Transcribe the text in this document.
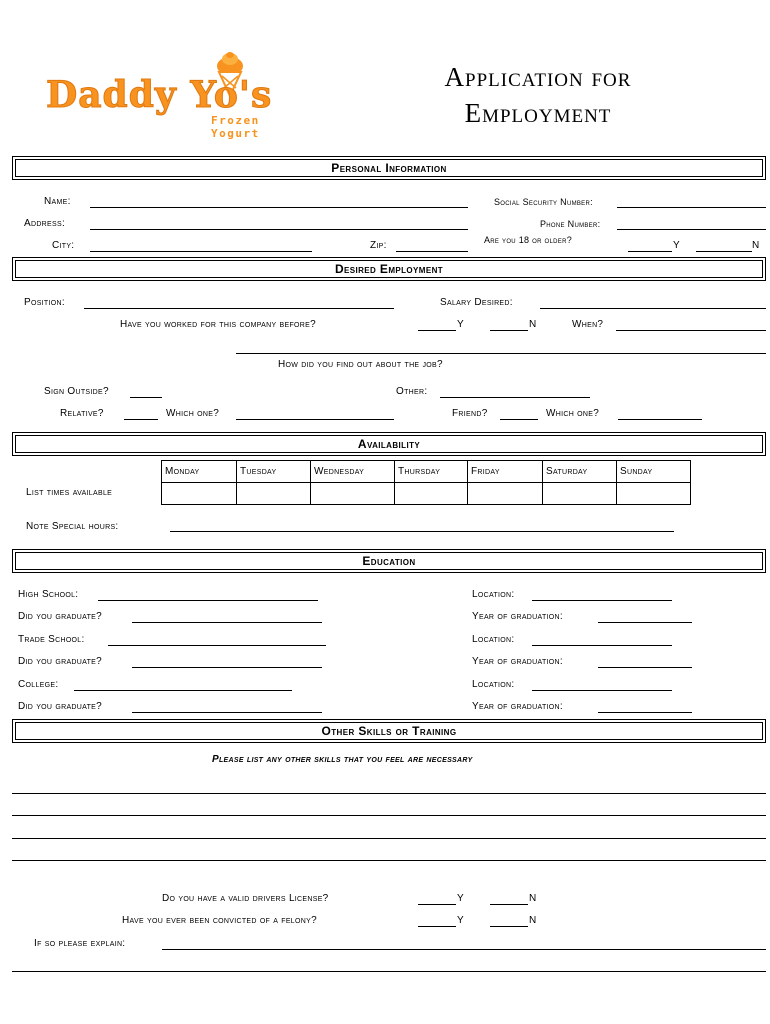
Daddy Yo's
Frozen Yogurt
Application for
Employment
Personal Information
Name:	Social Security Number:
Address:	Phone Number:
City:	Zip:	Are you 18 or older?	Y	N
Desired Employment
Position:	Salary Desired:
Have you worked for this company before?	Y	N	When?
How did you find out about the job?
Sign Outside?	Other:
Relative?	Which one?	Friend?	Which one?
Availability
Monday	Tuesday	Wednesday	Thursday	Friday	Saturday	Sunday

List times available
Note Special hours:
Education
High School:	Location:
Did you graduate?	Year of graduation:
Trade School:	Location:
Did you graduate?	Year of graduation:
College:	Location:
Did you graduate?	Year of graduation:
Other Skills or Training
Please list any other skills that you feel are necessary
Do you have a valid drivers License?	Y	N
Have you ever been convicted of a felony?	Y	N
If so please explain:
